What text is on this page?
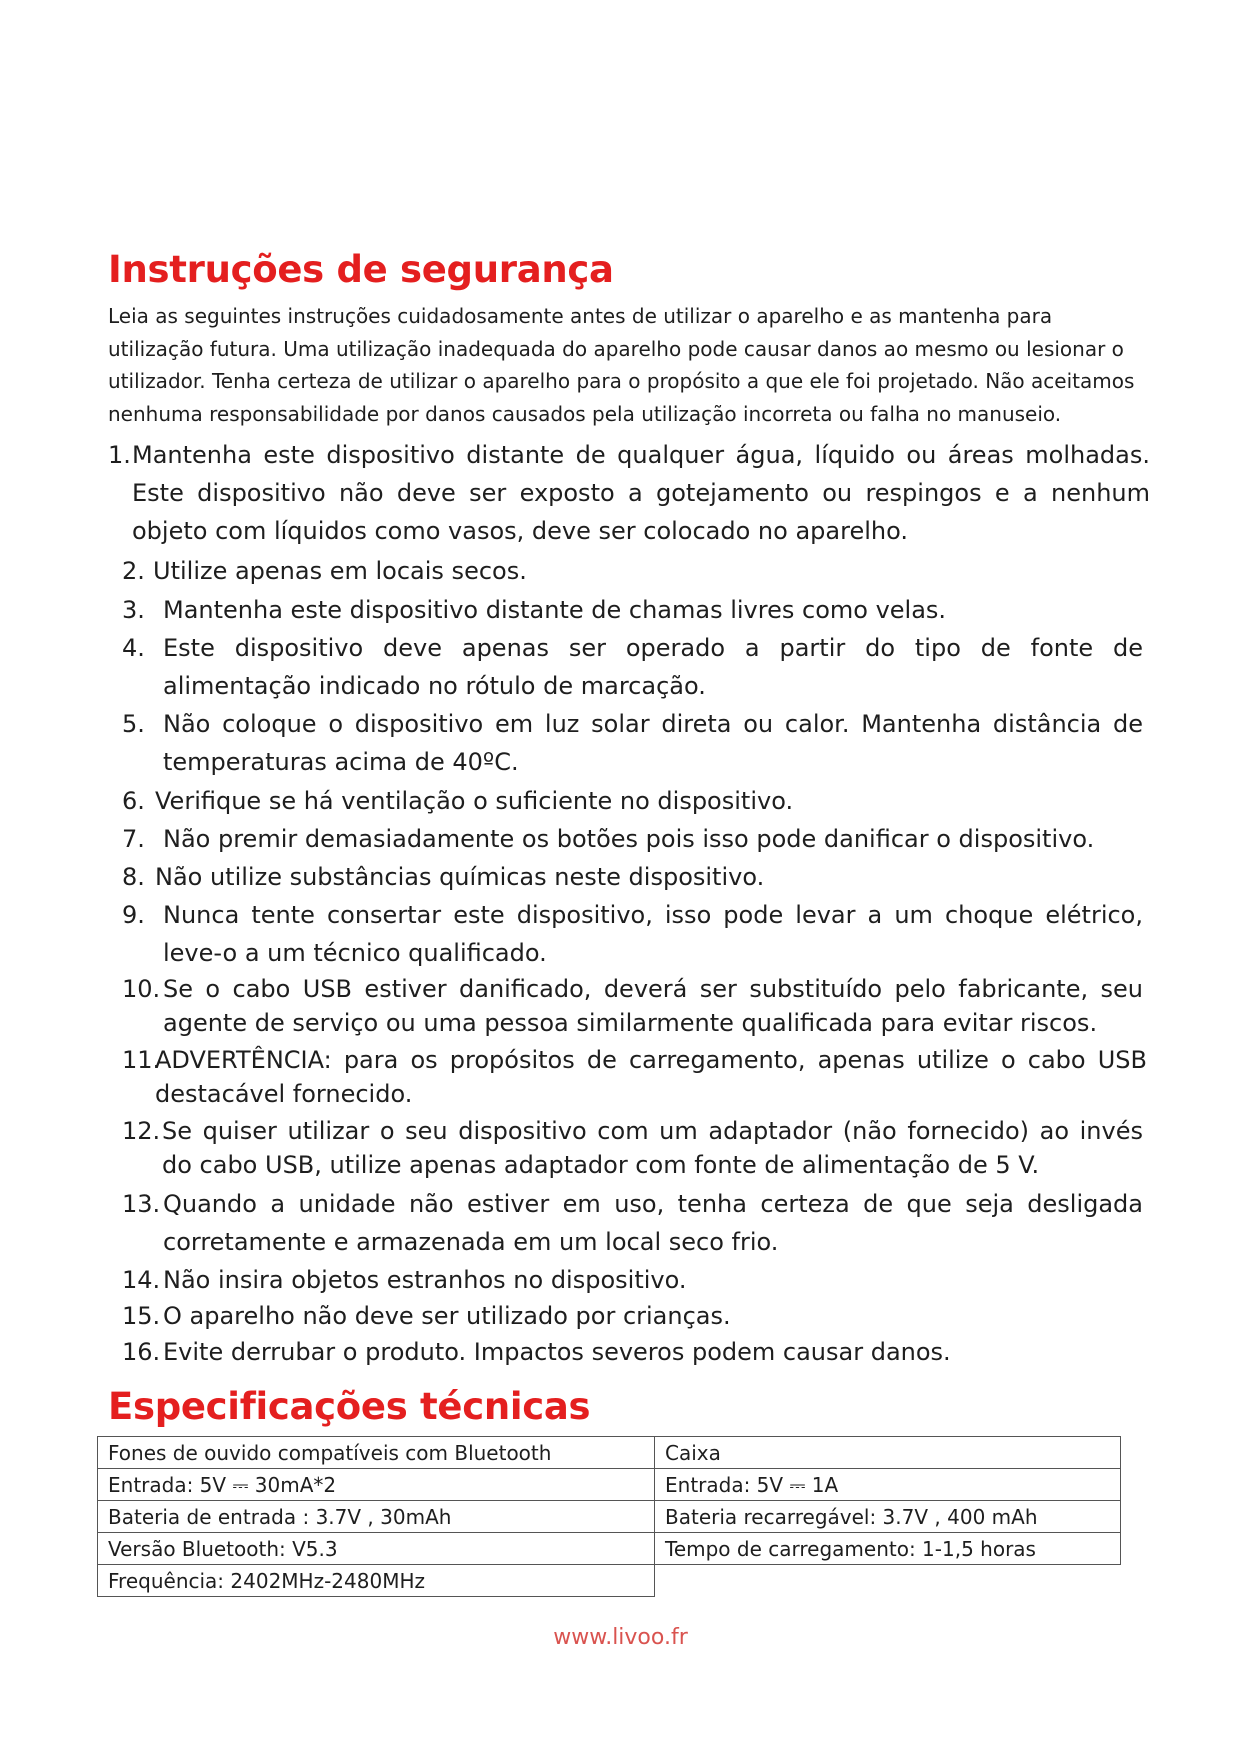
Instruções de segurança

Leia as seguintes instruções cuidadosamente antes de utilizar o aparelho e as mantenha para utilização futura. Uma utilização inadequada do aparelho pode causar danos ao mesmo ou lesionar o utilizador. Tenha certeza de utilizar o aparelho para o propósito a que ele foi projetado. Não aceitamos nenhuma responsabilidade por danos causados pela utilização incorreta ou falha no manuseio.

1. Mantenha este dispositivo distante de qualquer água, líquido ou áreas molhadas. Este dispositivo não deve ser exposto a gotejamento ou respingos e a nenhum objeto com líquidos como vasos, deve ser colocado no aparelho.
2. Utilize apenas em locais secos.
3. Mantenha este dispositivo distante de chamas livres como velas.
4. Este dispositivo deve apenas ser operado a partir do tipo de fonte de alimentação indicado no rótulo de marcação.
5. Não coloque o dispositivo em luz solar direta ou calor. Mantenha distância de temperaturas acima de 40ºC.
6. Verifique se há ventilação o suficiente no dispositivo.
7. Não premir demasiadamente os botões pois isso pode danificar o dispositivo.
8. Não utilize substâncias químicas neste dispositivo.
9. Nunca tente consertar este dispositivo, isso pode levar a um choque elétrico, leve-o a um técnico qualificado.
10. Se o cabo USB estiver danificado, deverá ser substituído pelo fabricante, seu agente de serviço ou uma pessoa similarmente qualificada para evitar riscos.
11.
ADVERTÊNCIA: para os propósitos de carregamento, apenas utilize o cabo USB destacável fornecido.
12. Se quiser utilizar o seu dispositivo com um adaptador (não fornecido) ao invés do cabo USB, utilize apenas adaptador com fonte de alimentação de 5 V.
13. Quando a unidade não estiver em uso, tenha certeza de que seja desligada corretamente e armazenada em um local seco frio.
14. Não insira objetos estranhos no dispositivo.
15. O aparelho não deve ser utilizado por crianças.
16. Evite derrubar o produto. Impactos severos podem causar danos.
Especificações técnicas
Fones de ouvido compatíveis com Bluetooth	Caixa
Entrada: 5V ⎓ 30mA*2	Entrada: 5V ⎓ 1A
Bateria de entrada : 3.7V , 30mAh	Bateria recarregável: 3.7V , 400 mAh
Versão Bluetooth: V5.3	Tempo de carregamento: 1-1,5 horas
Frequência: 2402MHz-2480MHz	
www.livoo.fr
